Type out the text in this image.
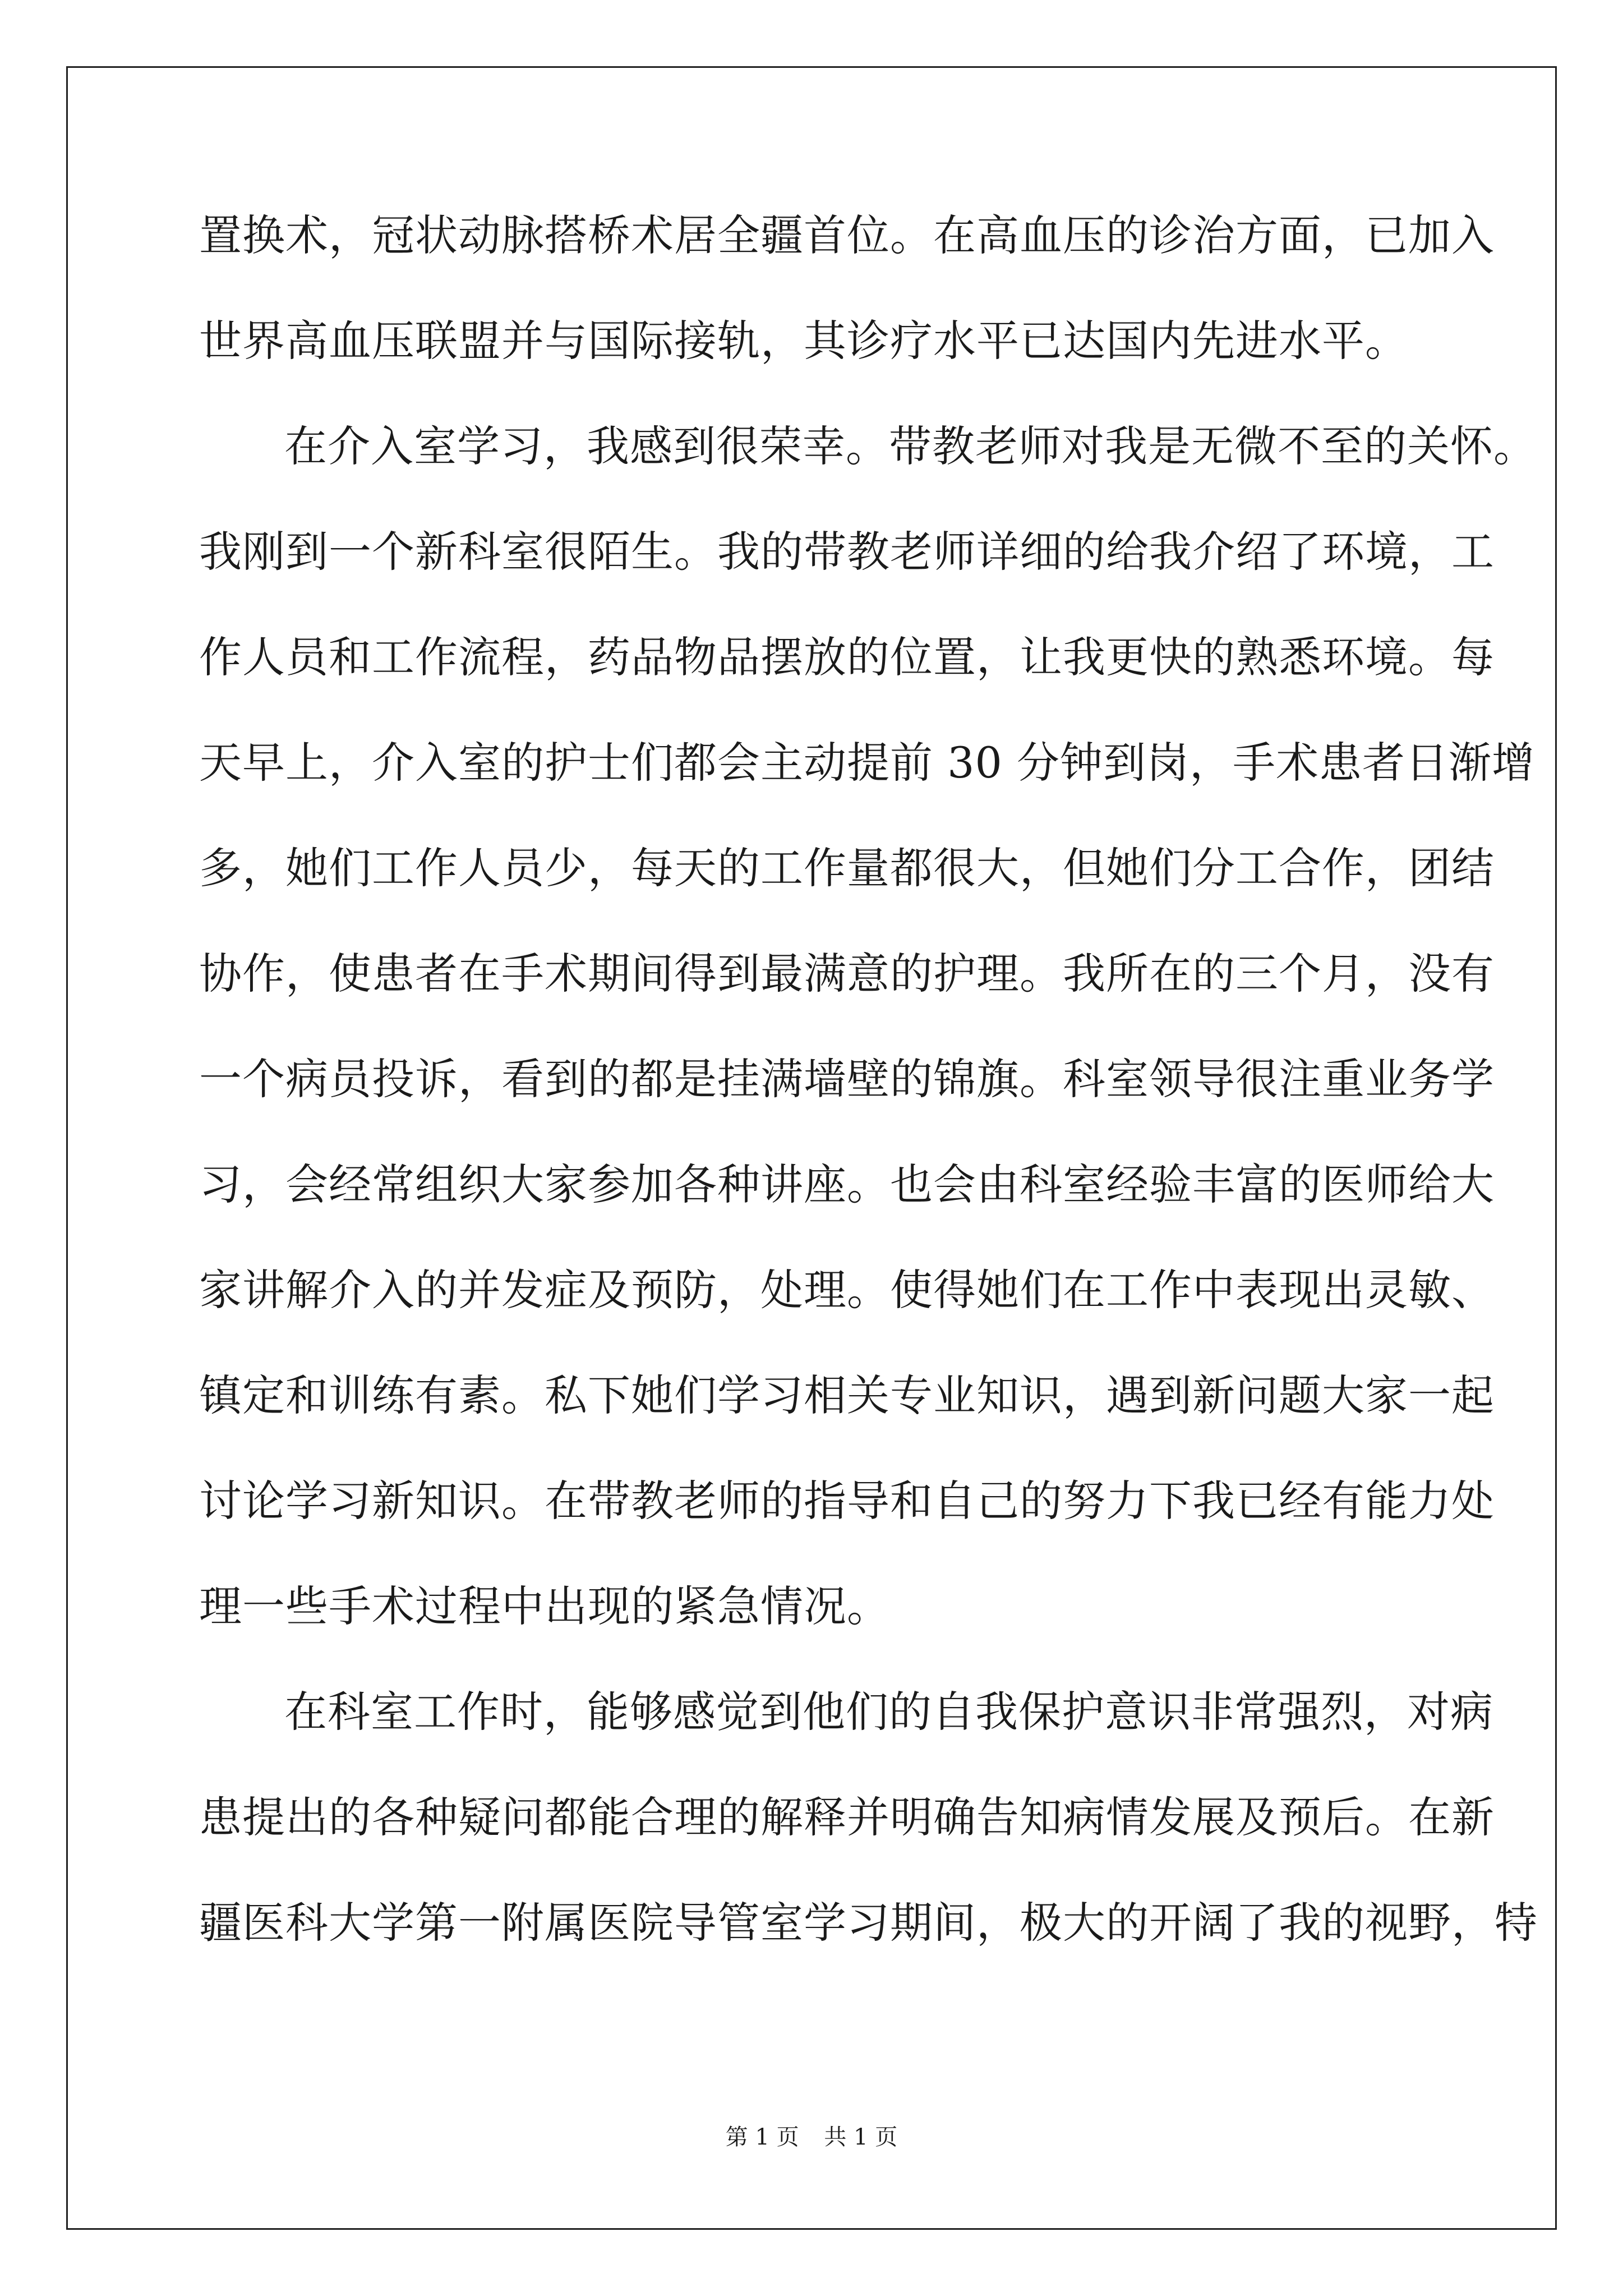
置换术，冠状动脉搭桥术居全疆首位。在高血压的诊治方面，已加入
世界高血压联盟并与国际接轨，其诊疗水平已达国内先进水平。
在介入室学习，我感到很荣幸。带教老师对我是无微不至的关怀。
我刚到一个新科室很陌生。我的带教老师详细的给我介绍了环境，工
作人员和工作流程，药品物品摆放的位置，让我更快的熟悉环境。每
天早上，介入室的护士们都会主动提前 30 分钟到岗，手术患者日渐增
多，她们工作人员少，每天的工作量都很大，但她们分工合作，团结
协作，使患者在手术期间得到最满意的护理。我所在的三个月，没有
一个病员投诉，看到的都是挂满墙壁的锦旗。科室领导很注重业务学
习，会经常组织大家参加各种讲座。也会由科室经验丰富的医师给大
家讲解介入的并发症及预防，处理。使得她们在工作中表现出灵敏、
镇定和训练有素。私下她们学习相关专业知识，遇到新问题大家一起
讨论学习新知识。在带教老师的指导和自己的努力下我已经有能力处
理一些手术过程中出现的紧急情况。
在科室工作时，能够感觉到他们的自我保护意识非常强烈，对病
患提出的各种疑问都能合理的解释并明确告知病情发展及预后。在新
疆医科大学第一附属医院导管室学习期间，极大的开阔了我的视野，特
第 1 页 共 1 页
